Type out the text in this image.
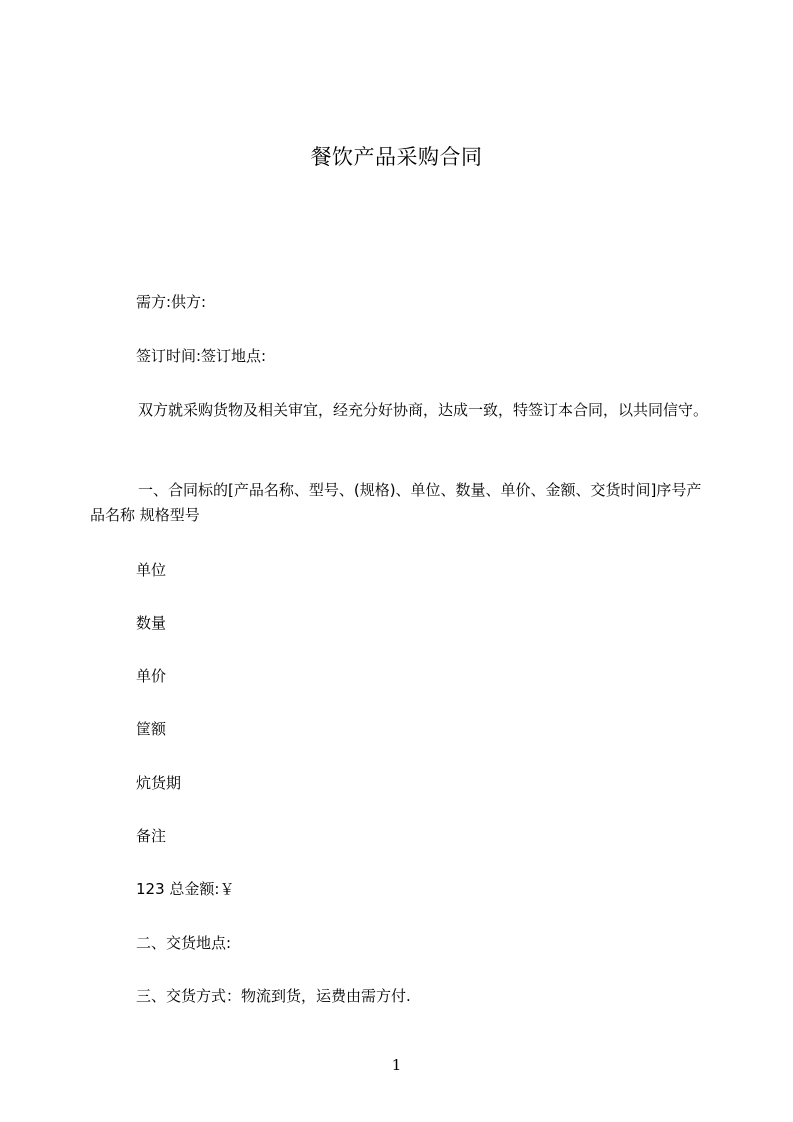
餐饮产品采购合同
需方:供方:
签订时间:签订地点:
双方就采购货物及相关审宜，经充分好协商，达成一致，特签订本合同，以共同信守。
一、合同标的[产品名称、型号、(规格)、单位、数量、单价、金额、交货时间]序号产品名称 规格型号
单位
数量
单价
筐额
炕货期
备注
123 总金额:￥
二、交货地点:
三、交货方式：物流到货，运费由需方付.
1
